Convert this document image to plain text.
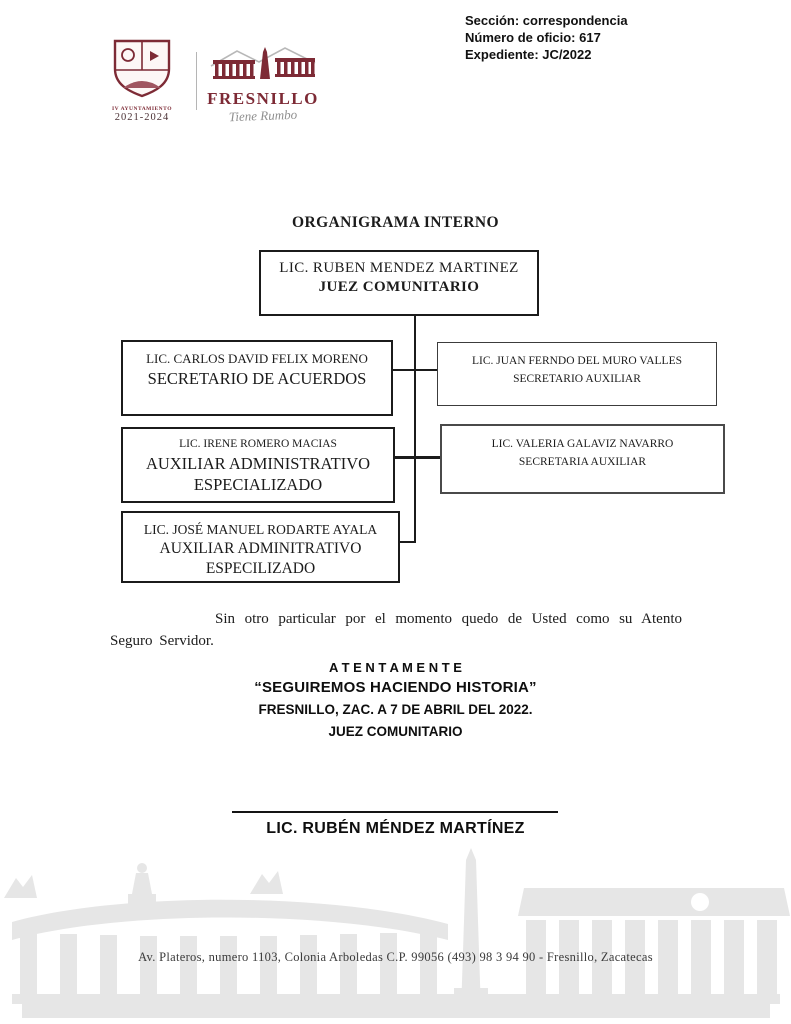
IV AYUNTAMIENTO
2021-2024
FRESNILLO
Tiene Rumbo
Sección: correspondencia
Número de oficio: 617
Expediente: JC/2022
ORGANIGRAMA INTERNO
LIC. RUBEN MENDEZ MARTINEZ
JUEZ COMUNITARIO
LIC. CARLOS DAVID FELIX MORENO
SECRETARIO DE ACUERDOS
LIC. JUAN FERNDO DEL MURO VALLES
SECRETARIO AUXILIAR
LIC. IRENE ROMERO MACIAS
AUXILIAR ADMINISTRATIVO ESPECIALIZADO
LIC. VALERIA GALAVIZ NAVARRO
SECRETARIA AUXILIAR
LIC. JOSÉ MANUEL RODARTE AYALA
AUXILIAR ADMINITRATIVO ESPECILIZADO
Sin otro particular por el momento quedo de Usted como su Atento Seguro Servidor.
A T E N T A M E N T E
“SEGUIREMOS HACIENDO HISTORIA”
FRESNILLO, ZAC. A 7 DE ABRIL DEL 2022.
JUEZ COMUNITARIO
LIC. RUBÉN MÉNDEZ MARTÍNEZ
Av. Plateros, numero 1103, Colonia Arboledas C.P. 99056 (493) 98 3 94 90 - Fresnillo, Zacatecas
